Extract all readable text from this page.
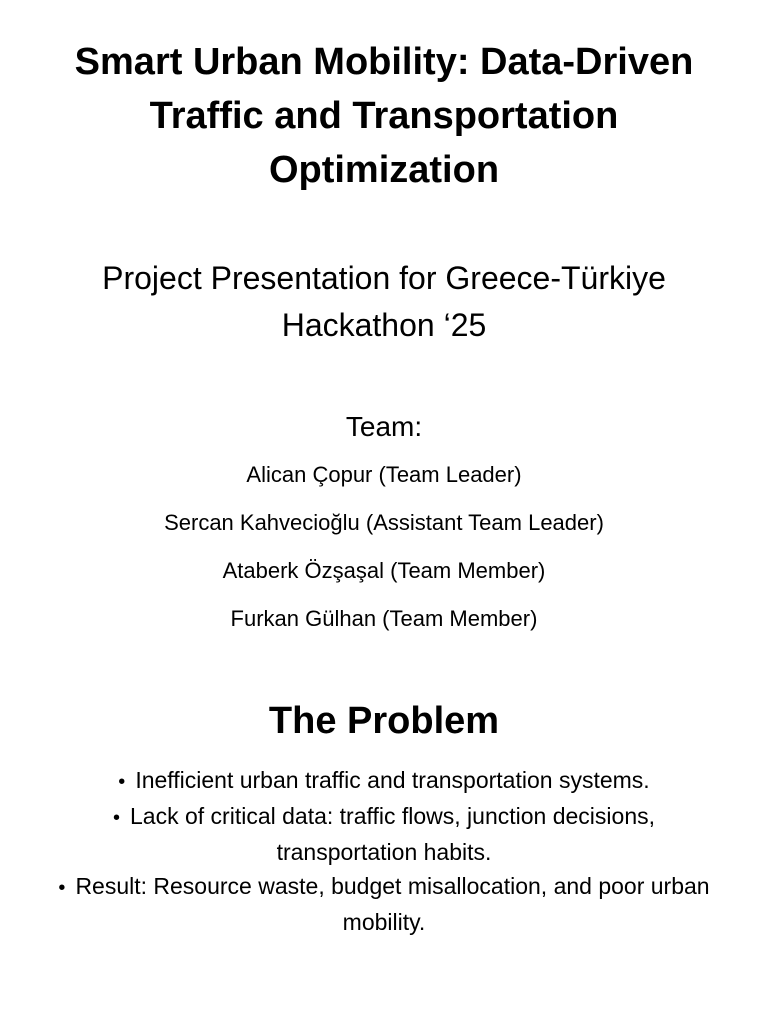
Smart Urban Mobility: Data-Driven Traffic and Transportation Optimization
Project Presentation for Greece-Türkiye Hackathon ‘25
Team:
Alican Çopur (Team Leader)
Sercan Kahvecioğlu (Assistant Team Leader)
Ataberk Özşaşal (Team Member)
Furkan Gülhan (Team Member)
The Problem
• Inefficient urban traffic and transportation systems.
• Lack of critical data: traffic flows, junction decisions, transportation habits.
• Result: Resource waste, budget misallocation, and poor urban mobility.
